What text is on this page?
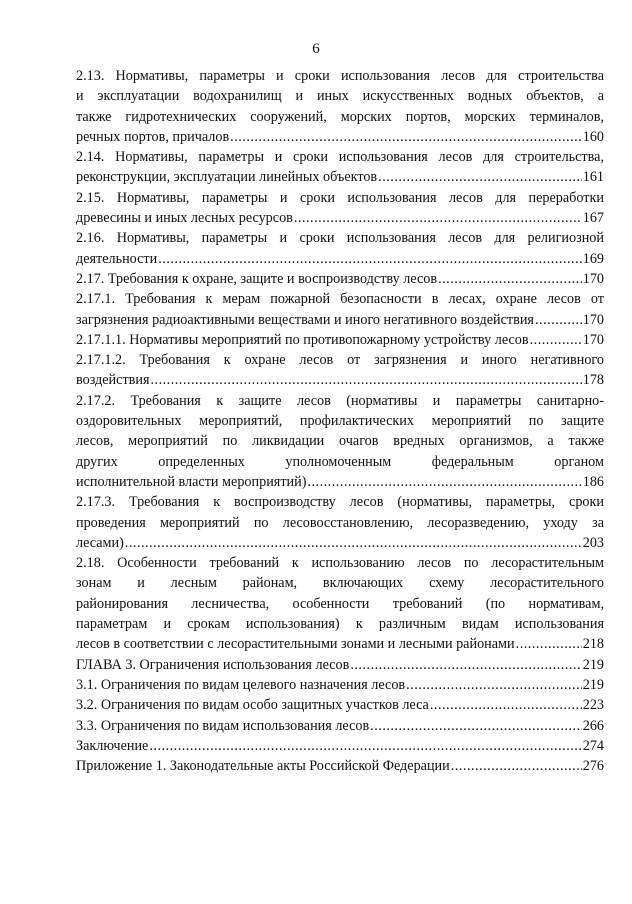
6
2.13. Нормативы, параметры и сроки использования лесов для строительства
и эксплуатации водохранилищ и иных искусственных водных объектов, а
также гидротехнических сооружений, морских портов, морских терминалов,
речных портов, причалов .....	160
2.14. Нормативы, параметры и сроки использования лесов для строительства,
реконструкции, эксплуатации линейных объектов .....	161
2.15. Нормативы, параметры и сроки использования лесов для переработки
древесины и иных лесных ресурсов .....	167
2.16. Нормативы, параметры и сроки использования лесов для религиозной
деятельности .....	169
2.17. Требования к охране, защите и воспроизводству лесов .....	170
2.17.1. Требования к мерам пожарной безопасности в лесах, охране лесов от
загрязнения радиоактивными веществами и иного негативного воздействия .....	170
2.17.1.1. Нормативы мероприятий по противопожарному устройству лесов .....	170
2.17.1.2. Требования к охране лесов от загрязнения и иного негативного
воздействия .....	178
2.17.2. Требования к защите лесов (нормативы и параметры санитарно-
оздоровительных мероприятий, профилактических мероприятий по защите
лесов, мероприятий по ликвидации очагов вредных организмов, а также
других определенных уполномоченным федеральным органом
исполнительной власти мероприятий) .....	186
2.17.3. Требования к воспроизводству лесов (нормативы, параметры, сроки
проведения мероприятий по лесовосстановлению, лесоразведению, уходу за
лесами) .....	203
2.18. Особенности требований к использованию лесов по лесорастительным
зонам и лесным районам, включающих схему лесорастительного
районирования лесничества, особенности требований (по нормативам,
параметрам и срокам использования) к различным видам использования
лесов в соответствии с лесорастительными зонами и лесными районами .....	218
ГЛАВА 3. Ограничения использования лесов .....	219
3.1. Ограничения по видам целевого назначения лесов .....	219
3.2. Ограничения по видам особо защитных участков леса .....	223
3.3. Ограничения по видам использования лесов .....	266
Заключение .....	274
Приложение 1. Законодательные акты Российской Федерации .....	276
